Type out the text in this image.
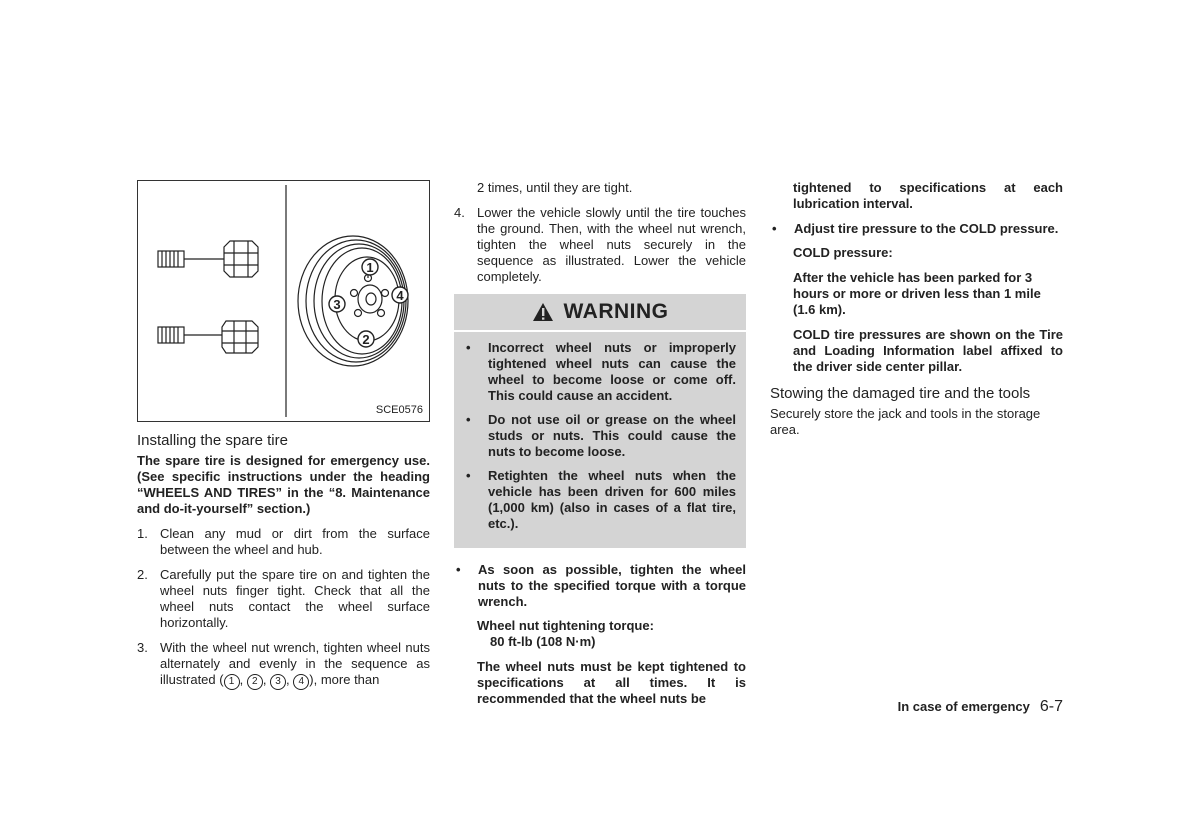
1
2
3
4
SCE0576
Installing the spare tire

The spare tire is designed for emergency use. (See specific instructions under the heading “WHEELS AND TIRES” in the “8. Maintenance and do-it-yourself” section.)

1. Clean any mud or dirt from the surface between the wheel and hub.
2. Carefully put the spare tire on and tighten the wheel nuts finger tight. Check that all the wheel nuts contact the wheel surface horizontally.
3. With the wheel nut wrench, tighten wheel nuts alternately and evenly in the sequence as illustrated ( 1 , 2 , 3 , 4 ), more than

2 times, until they are tight.

4. Lower the vehicle slowly until the tire touches the ground. Then, with the wheel nut wrench, tighten the wheel nuts securely in the sequence as illustrated. Lower the vehicle completely.
WARNING
• Incorrect wheel nuts or improperly tightened wheel nuts can cause the wheel to become loose or come off. This could cause an accident.
• Do not use oil or grease on the wheel studs or nuts. This could cause the nuts to become loose.
• Retighten the wheel nuts when the vehicle has been driven for 600 miles (1,000 km) (also in cases of a flat tire, etc.).
• As soon as possible, tighten the wheel nuts to the specified torque with a torque wrench.

Wheel nut tightening torque:

80 ft-lb (108 N·m)

The wheel nuts must be kept tightened to specifications at all times. It is recommended that the wheel nuts be

tightened to specifications at each lubrication interval.

• Adjust tire pressure to the COLD pressure.

COLD pressure:

After the vehicle has been parked for 3 hours or more or driven less than 1 mile (1.6 km).

COLD tire pressures are shown on the Tire and Loading Information label affixed to the driver side center pillar.

Stowing the damaged tire and the tools

Securely store the jack and tools in the storage area.

In case of emergency 6-7
